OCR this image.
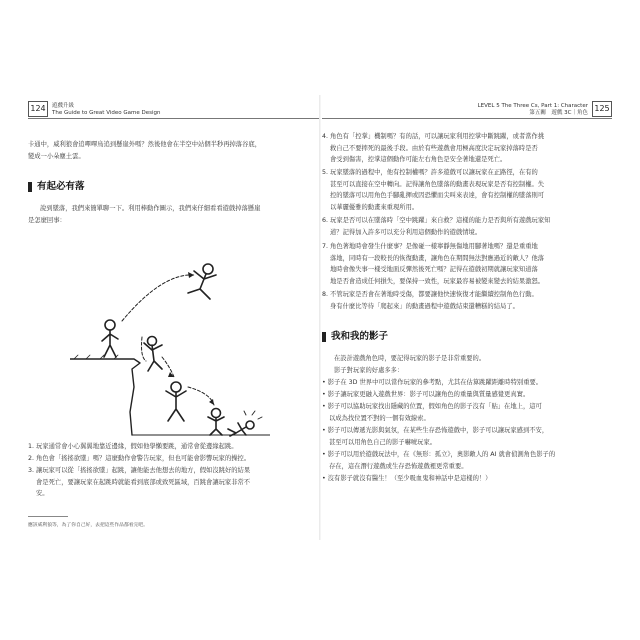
124	遊戲升級
The Guide to Great Video Game Design
卡通中，威利狼會追嗶嗶鳥追到懸崖外嗎？然後他會在半空中站個半秒再掉落谷底，
變成一小朵塵土雲。
有起必有落
說到墜落，我們來簡單聊一下。利用棒動作圖示，我們來仔細看看遊戲掉落懸崖
是怎麼回事：
1. 玩家通常會小心翼翼地靠近邊緣，假如他學懶要跳，通常會從邊緣起跳。
2. 角色會「搖搖欲墜」嗎？這麼動作會警告玩家，但也可能會影響玩家的操控。
3. 讓玩家可以從「搖搖欲墜」起跳，讓他能去他想去的地方，假如沒跳好的結果
會是死亡，要讓玩家在起跳時就能看到底部或致死區域，百跳會讓玩家非常不
安。
應該威利狼等，為了你自己好，去把這些作品都看完吧。
125
LEVEL 5 The Three Cs, Part 1: Character
第五關　遊戲 3C｜角色
4. 角色有「控掌」機制嗎？有的話，可以讓玩家利用控掌中斷跳躍，或者當作挑
救自己不要摔死的最後手段。由於有些遊戲會用極高度決定玩家掉落時是否
會受到傷害，控掌這個動作可能左右角色是安全著地還是死亡。
5. 玩家墜落的過程中，他有控制權嗎？許多遊戲可以讓玩家在正路徑，在有的
甚至可以直接在空中轉向。記得讓角色墜落的動畫表現玩家是否有控制權。失
控的墜落可以用角色手腳亂揮或因恐懼而尖叫來表達，會有控制權的墜落則可
以華麗優雅的動畫來重現所用。
6. 玩家是否可以在墜落時「空中跳躍」來自救？這樣的能力是否與所有遊戲玩家知
道？記得加入許多可以充分利用這個動作的遊戲情境。
7. 角色著地時會發生什麼事？是像碰一樣寧靜無傷地用腳著地嗎？還是重重地
落地，同時有一段較長的恢復動畫，讓角色在期間無法對應過近的敵人？他落
地時會像失事一樣受地面反彈然後死亡嗎？記得在遊戲初期就讓玩家知道落
地是否會造成任何損失，要保持一致性，玩家最容易被變來變去的結果激怒。
8. 不管玩家是否會在著地時受傷，都要讓他快速恢復才能繼續控制角色行動。
身有什麼比等待「爬起來」的動畫過程中遊戲結束還糟糕的結局了。
我和我的影子
在設計遊戲角色時，要記得玩家的影子是非常重要的。
影子對玩家的好處多多：
• 影子在 3D 世界中可以當作玩家的參考點，尤其在估算跳躍距離時特別重要。
• 影子讓玩家更融入遊戲世界：影子可以讓角色的重量與質量感覺更真實。
• 影子可以協助玩家找出隱藏的位置，假如角色的影子沒有「貼」在地上，這可
以成為找位置不對的一個有效線索。
• 影子可以傳遞光影與氣氛，在某些生存恐怖遊戲中，影子可以讓玩家感到不安，
甚至可以用角色自己的影子嚇唬玩家。
• 影子可以用於遊戲玩法中，在《無形：孤立》，奧影敵人的 AI 就會偵測角色影子的
存在，這在潛行遊戲或生存恐怖遊戲裡更常重要。
• 沒有影子就沒有醫生！（至少吸血鬼和神話中是這樣的！）
